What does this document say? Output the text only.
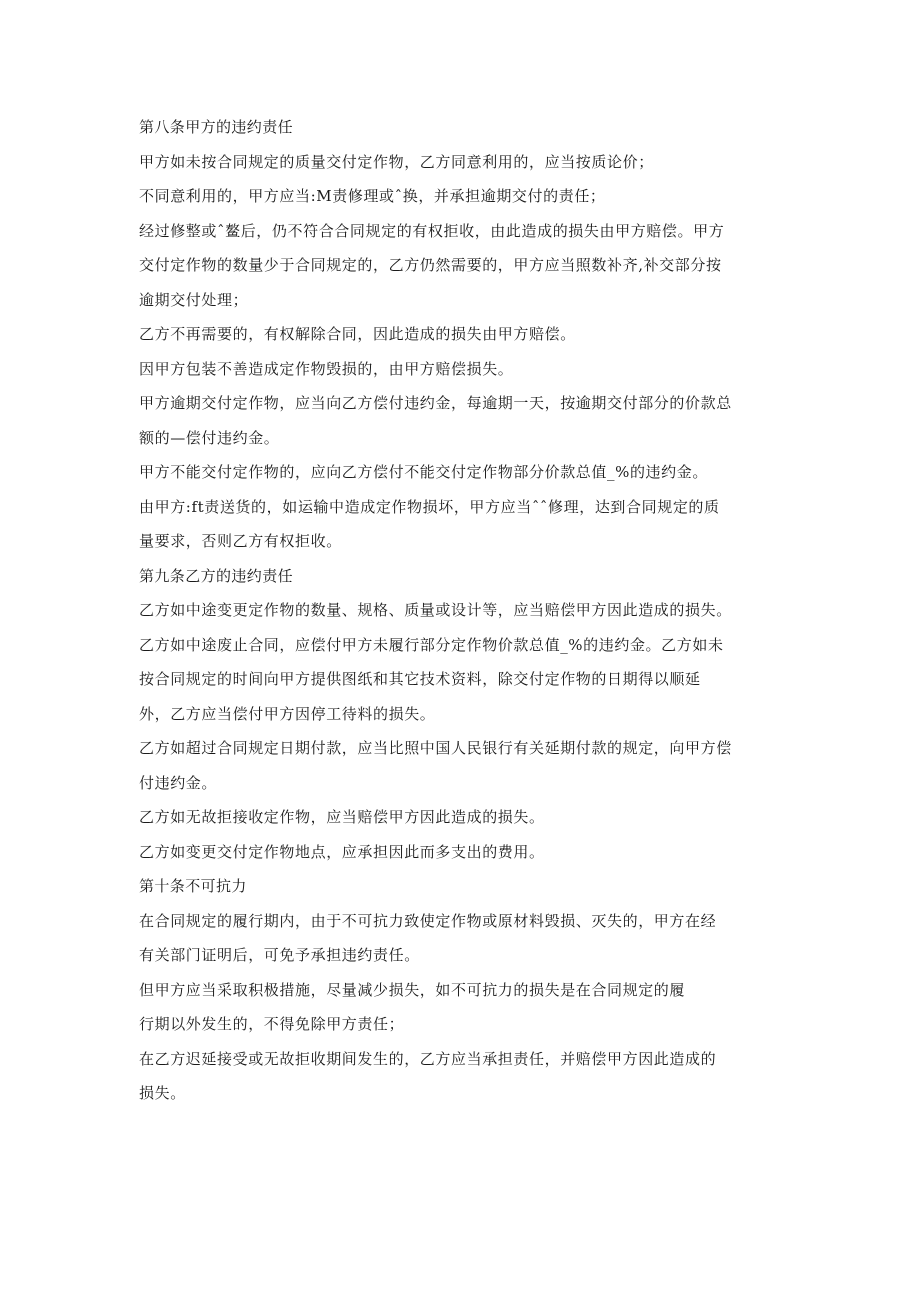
第八条甲方的违约责任
甲方如未按合同规定的质量交付定作物，乙方同意利用的，应当按质论价；
不同意利用的，甲方应当:M责修理或ˆ换，并承担逾期交付的责任；
经过修整或ˆ鳌后，仍不符合合同规定的有权拒收，由此造成的损失由甲方赔偿。甲方
交付定作物的数量少于合同规定的，乙方仍然需要的，甲方应当照数补齐,补交部分按
逾期交付处理；
乙方不再需要的，有权解除合同，因此造成的损失由甲方赔偿。
因甲方包装不善造成定作物毁损的，由甲方赔偿损失。
甲方逾期交付定作物，应当向乙方偿付违约金，每逾期一天，按逾期交付部分的价款总
额的—偿付违约金。
甲方不能交付定作物的，应向乙方偿付不能交付定作物部分价款总值_%的违约金。
由甲方:ft责送货的，如运输中造成定作物损坏，甲方应当ˆˆ修理，达到合同规定的质
量要求，否则乙方有权拒收。
第九条乙方的违约责任
乙方如中途变更定作物的数量、规格、质量或设计等，应当赔偿甲方因此造成的损失。
乙方如中途废止合同，应偿付甲方未履行部分定作物价款总值_%的违约金。乙方如未
按合同规定的时间向甲方提供图纸和其它技术资料，除交付定作物的日期得以顺延
外，乙方应当偿付甲方因停工待料的损失。
乙方如超过合同规定日期付款，应当比照中国人民银行有关延期付款的规定，向甲方偿
付违约金。
乙方如无故拒接收定作物，应当赔偿甲方因此造成的损失。
乙方如变更交付定作物地点，应承担因此而多支出的费用。
第十条不可抗力
在合同规定的履行期内，由于不可抗力致使定作物或原材料毁损、灭失的，甲方在经
有关部门证明后，可免予承担违约责任。
但甲方应当采取积极措施，尽量减少损失，如不可抗力的损失是在合同规定的履
行期以外发生的，不得免除甲方责任；
在乙方迟延接受或无故拒收期间发生的，乙方应当承担责任，并赔偿甲方因此造成的
损失。
